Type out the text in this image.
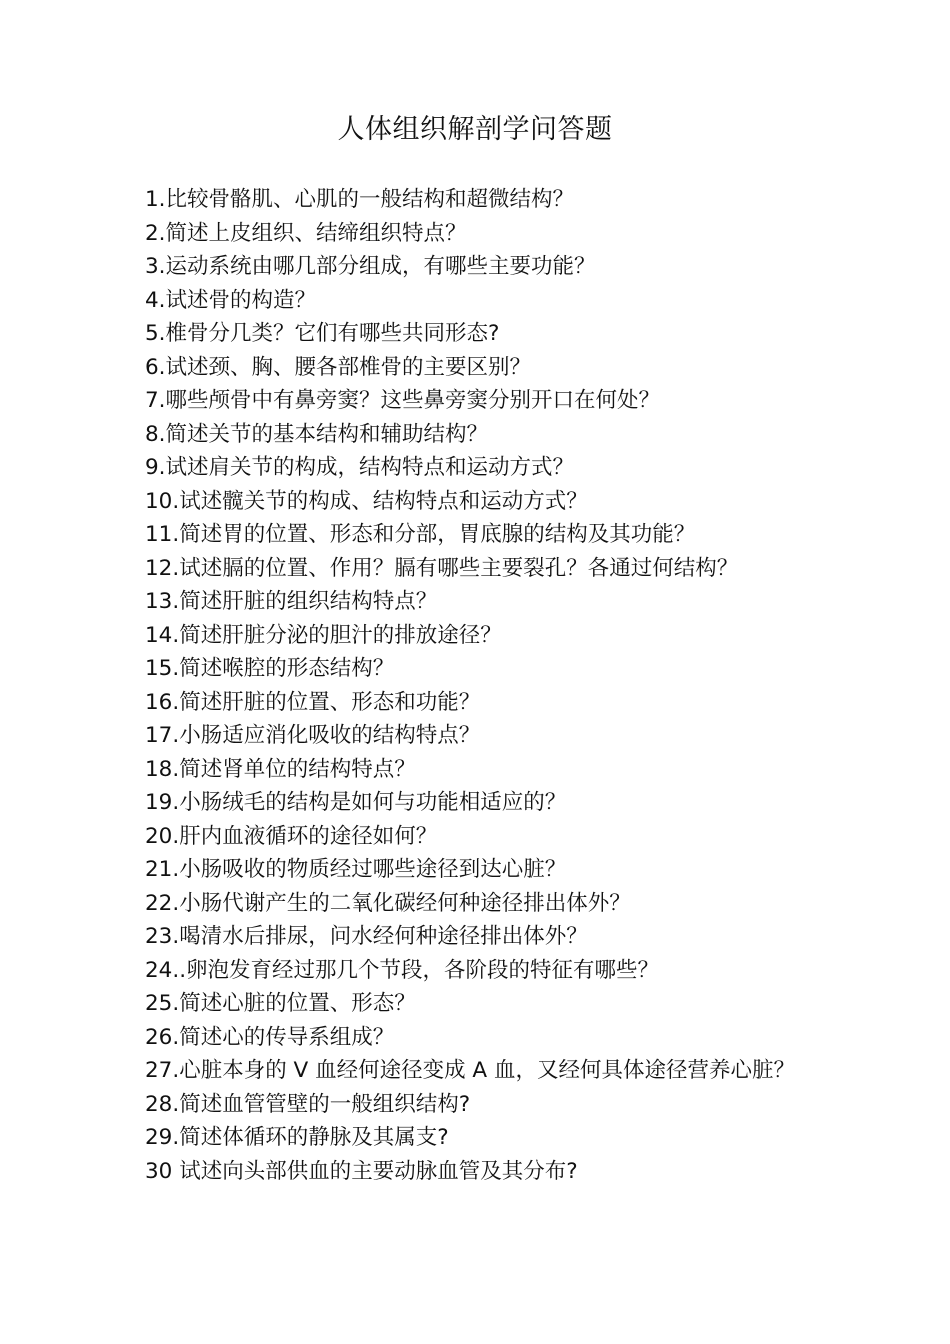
人体组织解剖学问答题
1.比较骨骼肌、心肌的一般结构和超微结构？
2.简述上皮组织、结缔组织特点？
3.运动系统由哪几部分组成，有哪些主要功能？
4.试述骨的构造？
5.椎骨分几类？它们有哪些共同形态?
6.试述颈、胸、腰各部椎骨的主要区别？
7.哪些颅骨中有鼻旁窦？这些鼻旁窦分别开口在何处？
8.简述关节的基本结构和辅助结构？
9.试述肩关节的构成，结构特点和运动方式？
10.试述髋关节的构成、结构特点和运动方式？
11.简述胃的位置、形态和分部，胃底腺的结构及其功能？
12.试述膈的位置、作用？膈有哪些主要裂孔？各通过何结构？
13.简述肝脏的组织结构特点？
14.简述肝脏分泌的胆汁的排放途径？
15.简述喉腔的形态结构？
16.简述肝脏的位置、形态和功能？
17.小肠适应消化吸收的结构特点？
18.简述肾单位的结构特点？
19.小肠绒毛的结构是如何与功能相适应的？
20.肝内血液循环的途径如何？
21.小肠吸收的物质经过哪些途径到达心脏？
22.小肠代谢产生的二氧化碳经何种途径排出体外？
23.喝清水后排尿，问水经何种途径排出体外？
24..卵泡发育经过那几个节段，各阶段的特征有哪些？
25.简述心脏的位置、形态？
26.简述心的传导系组成？
27.心脏本身的 V 血经何途径变成 A 血，又经何具体途径营养心脏？
28.简述血管管壁的一般组织结构?
29.简述体循环的静脉及其属支?
30 试述向头部供血的主要动脉血管及其分布?
